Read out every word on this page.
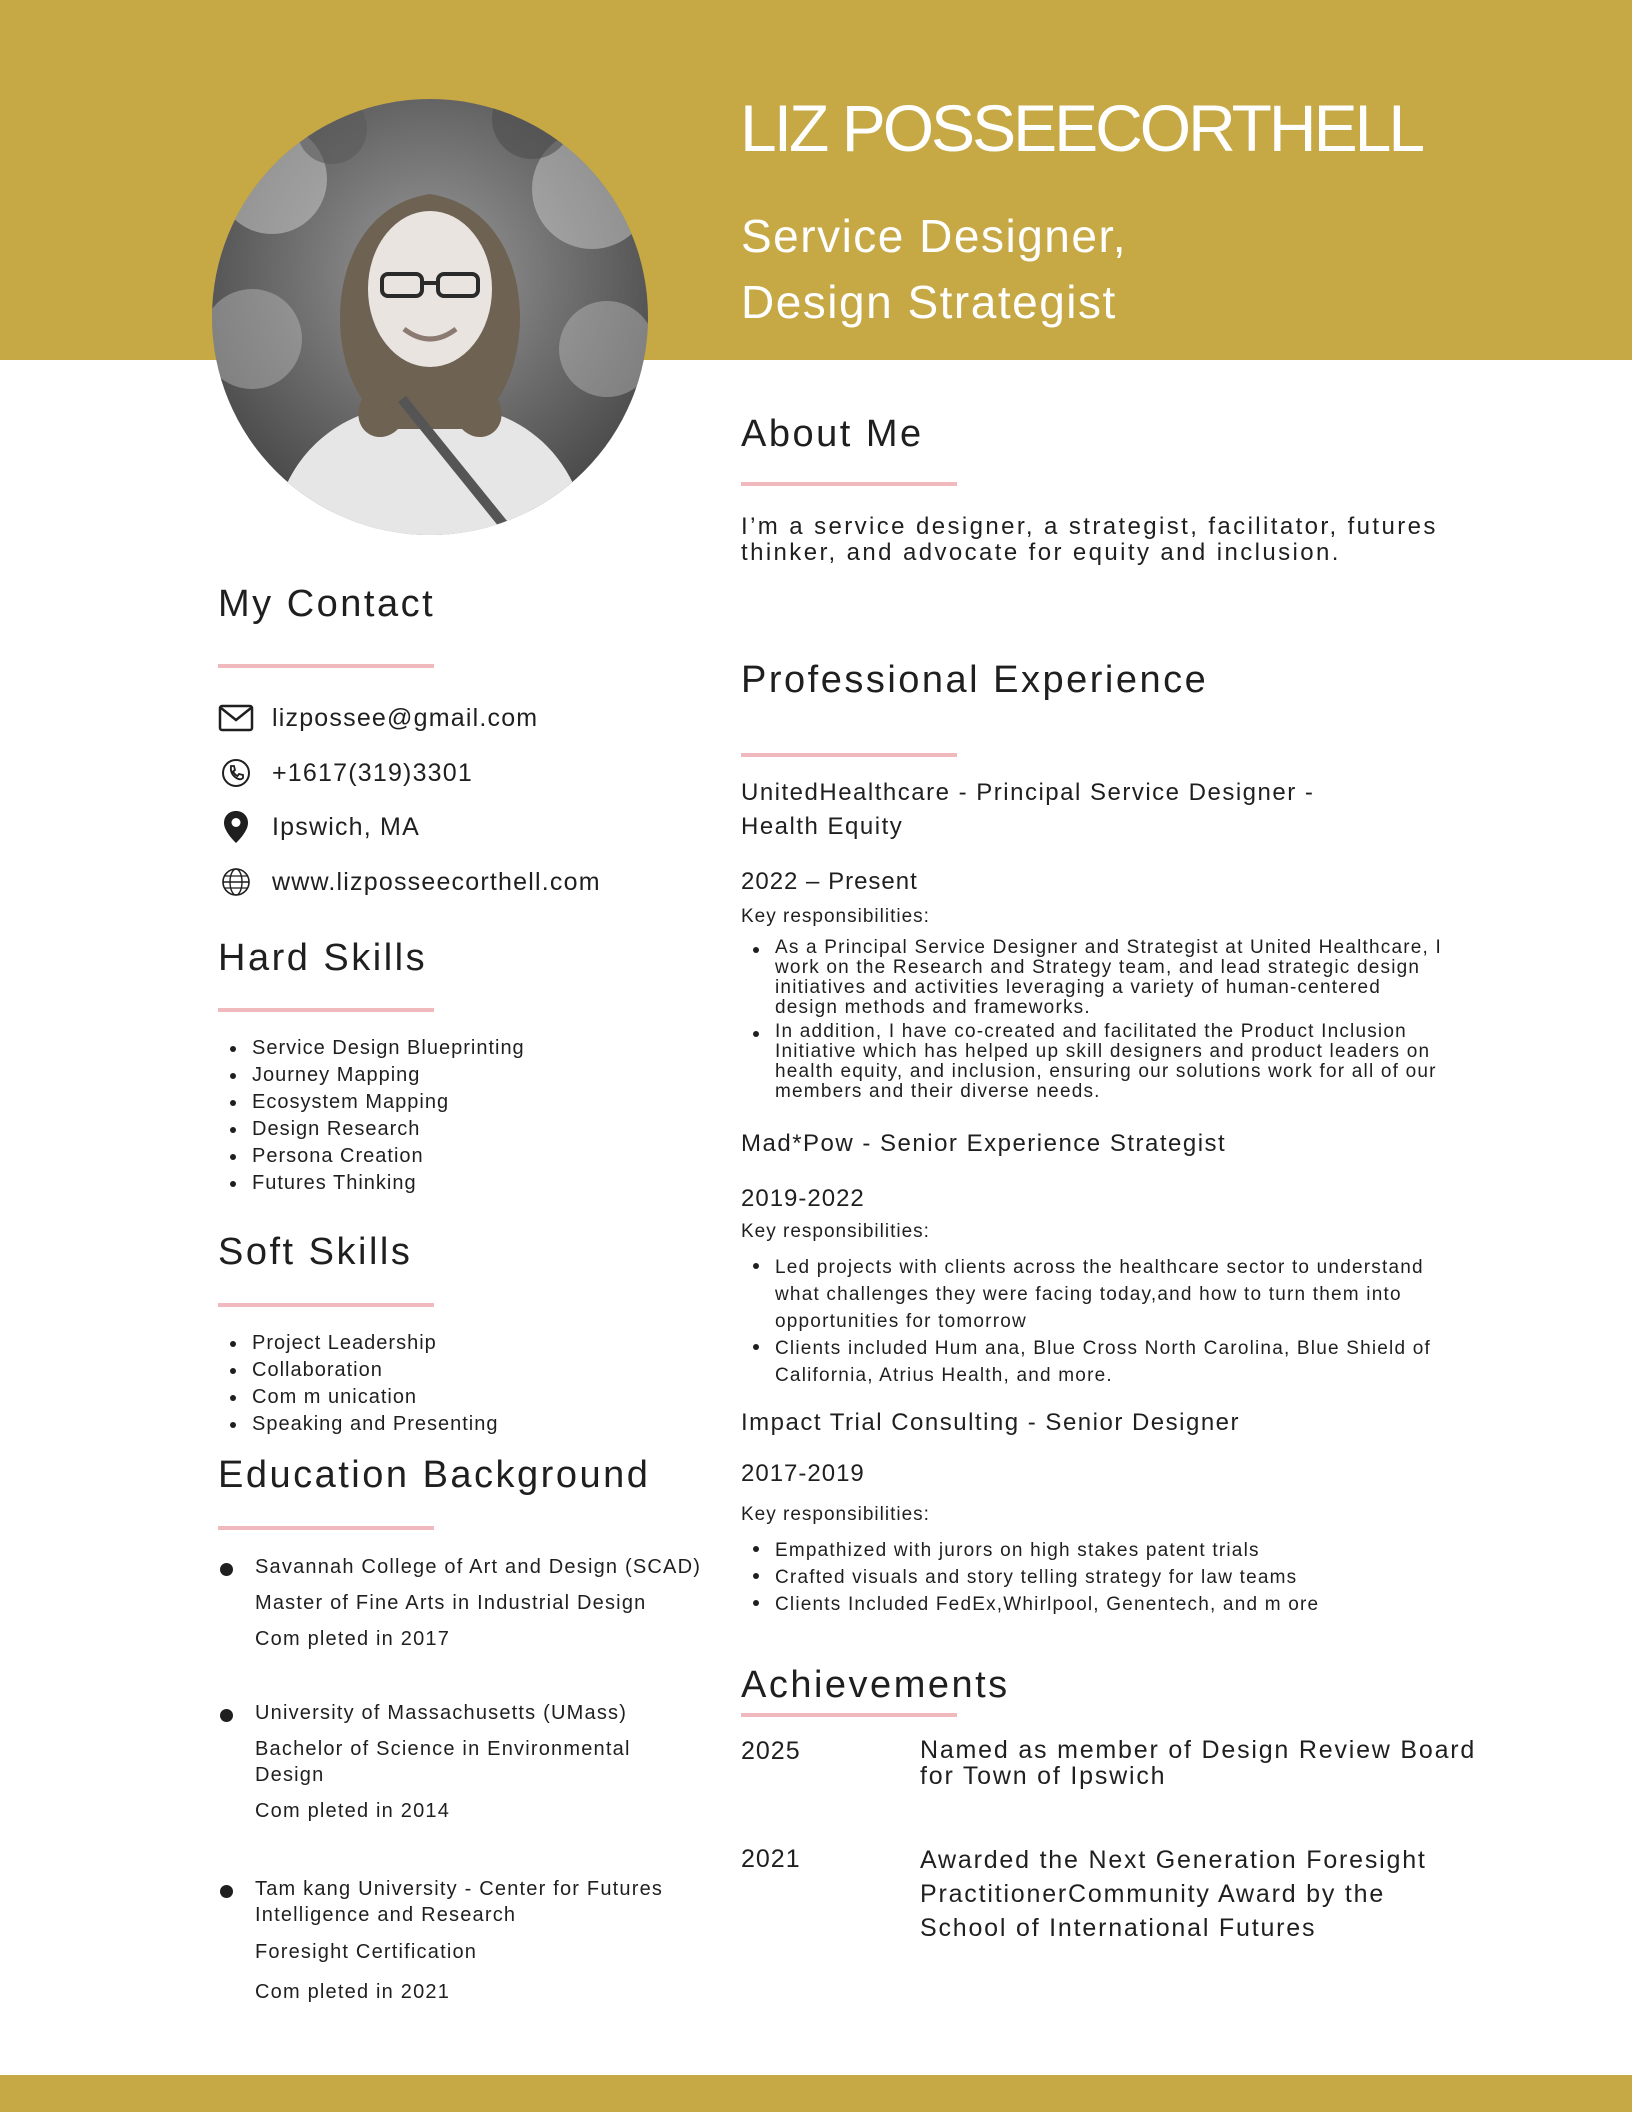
LIZ POSSEECORTHELL
Service Designer,
Design Strategist
About Me
I’m a service designer, a strategist, facilitator, futures thinker, and advocate for equity and inclusion.
My Contact
lizpossee@gmail.com
+1617(319)3301
Ipswich, MA
www.lizposseecorthell.com
Hard Skills
Service Design Blueprinting
Journey Mapping
Ecosystem Mapping
Design Research
Persona Creation
Futures Thinking
Soft Skills
Project Leadership
Collaboration
Com m unication
Speaking and Presenting
Education Background
Savannah College of Art and Design (SCAD)
Master of Fine Arts in Industrial Design
Com pleted in 2017
University of Massachusetts (UMass)
Bachelor of Science in Environmental
Design
Com pleted in 2014
Tam kang University - Center for Futures
Intelligence and Research
Foresight Certification
Com pleted in 2021
Professional Experience
UnitedHealthcare - Principal Service Designer -
Health Equity
2022 – Present
Key responsibilities:
As a Principal Service Designer and Strategist at United Healthcare, I work on the Research and Strategy team, and lead strategic design initiatives and activities leveraging a variety of human-centered design methods and frameworks.
In addition, I have co-created and facilitated the Product Inclusion Initiative which has helped up skill designers and product leaders on health equity, and inclusion, ensuring our solutions work for all of our members and their diverse needs.
Mad*Pow - Senior Experience Strategist
2019-2022
Key responsibilities:
Led projects with clients across the healthcare sector to understand what challenges they were facing today,and how to turn them into opportunities for tomorrow
Clients included Hum ana, Blue Cross North Carolina, Blue Shield of California, Atrius Health, and more.
Impact Trial Consulting - Senior Designer
2017-2019
Key responsibilities:
Empathized with jurors on high stakes patent trials
Crafted visuals and story telling strategy for law teams
Clients Included FedEx,Whirlpool, Genentech, and m ore
Achievements
2025	Named as member of Design Review Board for Town of Ipswich
2021	Awarded the Next Generation Foresight PractitionerCommunity Award by the School of International Futures
